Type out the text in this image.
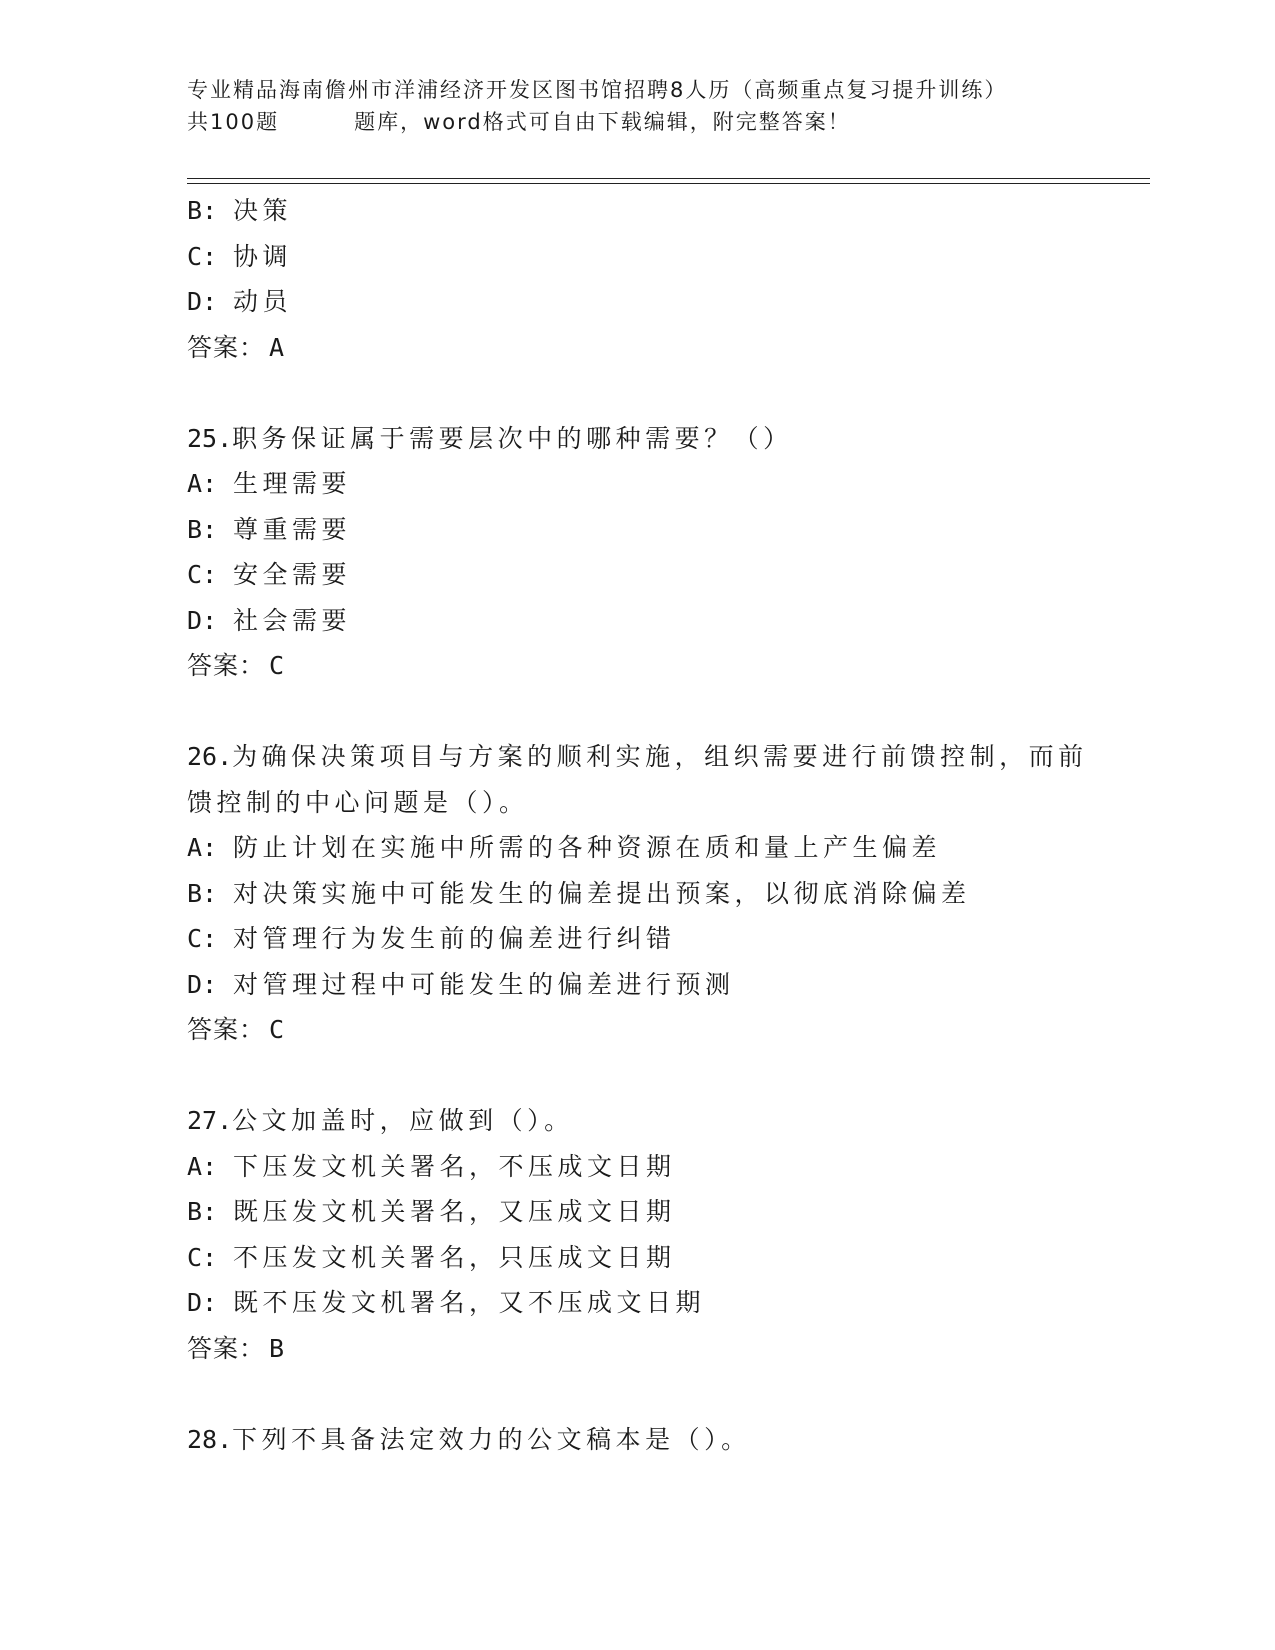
专业精品海南儋州市洋浦经济开发区图书馆招聘8人历（高频重点复习提升训练）
共100题	题库，word格式可自由下载编辑，附完整答案！
B: 决策
C: 协调
D: 动员
答案： A
25.职务保证属于需要层次中的哪种需要？（）
A: 生理需要
B: 尊重需要
C: 安全需要
D: 社会需要
答案： C
26.为确保决策项目与方案的顺利实施，组织需要进行前馈控制，而前
馈控制的中心问题是（）。
A: 防止计划在实施中所需的各种资源在质和量上产生偏差
B: 对决策实施中可能发生的偏差提出预案，以彻底消除偏差
C: 对管理行为发生前的偏差进行纠错
D: 对管理过程中可能发生的偏差进行预测
答案： C
27.公文加盖时，应做到（）。
A: 下压发文机关署名，不压成文日期
B: 既压发文机关署名，又压成文日期
C: 不压发文机关署名，只压成文日期
D: 既不压发文机署名，又不压成文日期
答案： B
28.下列不具备法定效力的公文稿本是（）。
